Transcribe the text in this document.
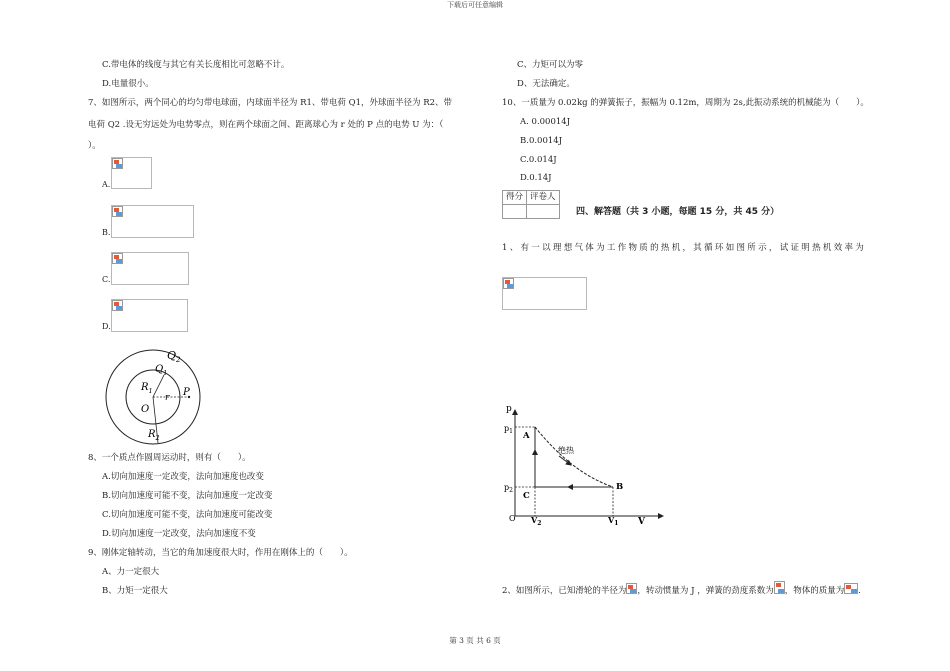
下载后可任意编辑
第 3 页 共 6 页
C.带电体的线度与其它有关长度相比可忽略不计。
D.电量很小。
7、如图所示，两个同心的均匀带电球面，内球面半径为 R1、带电荷 Q1，外球面半径为 R2、带
电荷 Q2 .设无穷远处为电势零点，则在两个球面之间、距离球心为 r 处的 P 点的电势 U 为：（
）。
A.
B.
C.
D.
$Q_2$
$Q_1$
$R_1$	P
r
O
$R_2$
8、一个质点作圆周运动时，则有（　　）。
A.切向加速度一定改变，法向加速度也改变
B.切向加速度可能不变，法向加速度一定改变
C.切向加速度可能不变，法向加速度可能改变
D.切向加速度一定改变，法向加速度不变
9、刚体定轴转动，当它的角加速度很大时，作用在刚体上的（　　）。
A、力一定很大
B、力矩一定很大
C、力矩可以为零
D、无法确定。
10、一质量为 0.02kg 的弹簧振子，振幅为 0.12m，周期为 2s,此振动系统的机械能为（　　）。
A. 0.00014J
B.0.0014J
C.0.014J
D.0.14J
得分	评卷人

四、解答题（共 3 小题，每题 15 分，共 45 分）
1、有一以理想气体为工作物质的热机，其循环如图所示，试证明热机效率为
p
V
O
$p_1$
$p_2$
A
B
C
绝热
$V_2$	$V_1$
2、如图所示，已知滑轮的半径为 ，转动惯量为 J ，弹簧的劲度系数为 ，物体的质量为 .
